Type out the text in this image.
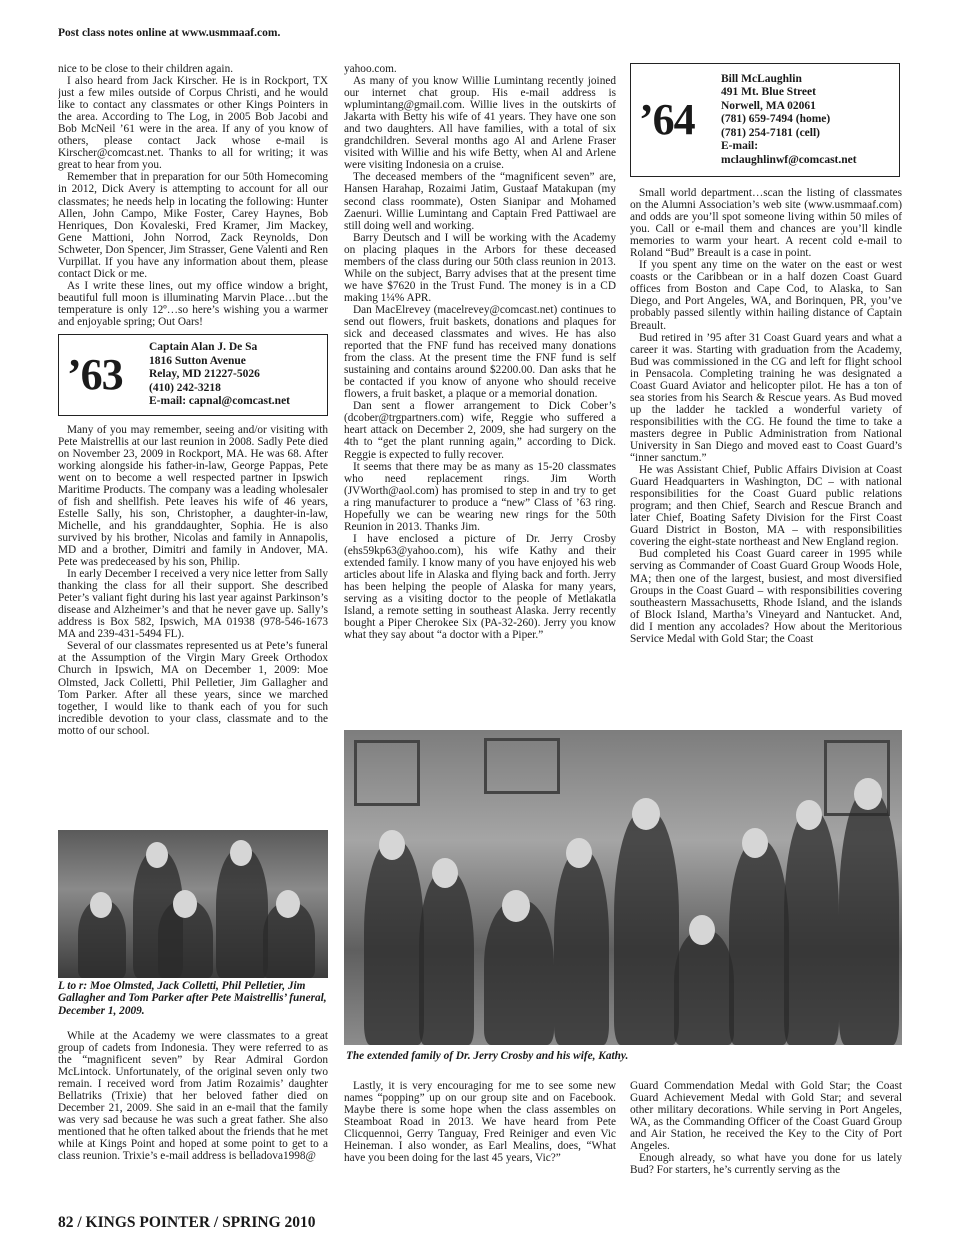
Post class notes online at www.usmmaaf.com.

nice to be close to their children again.

I also heard from Jack Kirscher. He is in Rockport, TX just a few miles outside of Corpus Christi, and he would like to contact any classmates or other Kings Pointers in the area. According to The Log, in 2005 Bob Jacobi and Bob McNeil ’61 were in the area. If any of you know of others, please contact Jack whose e-mail is Kirscher@comcast.net. Thanks to all for writing; it was great to hear from you.

Remember that in preparation for our 50th Homecoming in 2012, Dick Avery is attempting to account for all our classmates; he needs help in locating the following: Hunter Allen, John Campo, Mike Foster, Carey Haynes, Bob Henriques, Don Kovaleski, Fred Kramer, Jim Mackey, Gene Mattioni, John Norrod, Zack Reynolds, Don Schweter, Don Spencer, Jim Strasser, Gene Valenti and Ren Vurpillat. If you have any information about them, please contact Dick or me.

As I write these lines, out my office window a bright, beautiful full moon is illuminating Marvin Place…but the temperature is only 12º…so here’s wishing you a warmer and enjoyable spring; Out Oars!

’63
Captain Alan J. De Sa
1816 Sutton Avenue
Relay, MD 21227-5026
(410) 242-3218
E-mail: capnal@comcast.net

Many of you may remember, seeing and/or visiting with Pete Maistrellis at our last reunion in 2008. Sadly Pete died on November 23, 2009 in Rockport, MA. He was 68. After working alongside his father-in-law, George Pappas, Pete went on to become a well respected partner in Ipswich Maritime Products. The company was a leading wholesaler of fish and shellfish. Pete leaves his wife of 46 years, Estelle Sally, his son, Christopher, a daughter-in-law, Michelle, and his granddaughter, Sophia. He is also survived by his brother, Nicolas and family in Annapolis, MD and a brother, Dimitri and family in Andover, MA. Pete was predeceased by his son, Philip.

In early December I received a very nice letter from Sally thanking the class for all their support. She described Peter’s valiant fight during his last year against Parkinson’s disease and Alzheimer’s and that he never gave up. Sally’s address is Box 582, Ipswich, MA 01938 (978-546-1673 MA and 239-431-5494 FL).

Several of our classmates represented us at Pete’s funeral at the Assumption of the Virgin Mary Greek Orthodox Church in Ipswich, MA on December 1, 2009: Moe Olmsted, Jack Colletti, Phil Pelletier, Jim Gallagher and Tom Parker. After all these years, since we marched together, I would like to thank each of you for such incredible devotion to your class, classmate and to the motto of our school.

L to r: Moe Olmsted, Jack Colletti, Phil Pelletier, Jim Gallagher and Tom Parker after Pete Maistrellis’ funeral, December 1, 2009.

While at the Academy we were classmates to a great group of cadets from Indonesia. They were referred to as the “magnificent seven” by Rear Admiral Gordon McLintock. Unfortunately, of the original seven only two remain. I received word from Jatim Rozaimis’ daughter Bellatriks (Trixie) that her beloved father died on December 21, 2009. She said in an e-mail that the family was very sad because he was such a great father. She also mentioned that he often talked about the friends that he met while at Kings Point and hoped at some point to get to a class reunion. Trixie’s e-mail address is belladova1998@

yahoo.com.

As many of you know Willie Lumintang recently joined our internet chat group. His e-mail address is wplumintang@gmail.com. Willie lives in the outskirts of Jakarta with Betty his wife of 41 years. They have one son and two daughters. All have families, with a total of six grandchildren. Several months ago Al and Arlene Fraser visited with Willie and his wife Betty, when Al and Arlene were visiting Indonesia on a cruise.

The deceased members of the “magnificent seven” are, Hansen Harahap, Rozaimi Jatim, Gustaaf Matakupan (my second class roommate), Osten Sianipar and Mohamed Zaenuri. Willie Lumintang and Captain Fred Pattiwael are still doing well and working.

Barry Deutsch and I will be working with the Academy on placing plaques in the Arbors for these deceased members of the class during our 50th class reunion in 2013. While on the subject, Barry advises that at the present time we have $7620 in the Trust Fund. The money is in a CD making 1¼% APR.

Dan MacElrevey (macelrevey@comcast.net) continues to send out flowers, fruit baskets, donations and plaques for sick and deceased classmates and wives. He has also reported that the FNF fund has received many donations from the class. At the present time the FNF fund is self sustaining and contains around $2200.00. Dan asks that he be contacted if you know of anyone who should receive flowers, a fruit basket, a plaque or a memorial donation.

Dan sent a flower arrangement to Dick Cober’s (dcober@trgpartners.com) wife, Reggie who suffered a heart attack on December 2, 2009, she had surgery on the 4th to “get the plant running again,” according to Dick. Reggie is expected to fully recover.

It seems that there may be as many as 15-20 classmates who need replacement rings. Jim Worth (JVWorth@aol.com) has promised to step in and try to get a ring manufacturer to produce a “new” Class of ’63 ring. Hopefully we can be wearing new rings for the 50th Reunion in 2013. Thanks Jim.

I have enclosed a picture of Dr. Jerry Crosby (ehs59kp63@yahoo.com), his wife Kathy and their extended family. I know many of you have enjoyed his web articles about life in Alaska and flying back and forth. Jerry has been helping the people of Alaska for many years, serving as a visiting doctor to the people of Metlakatla Island, a remote setting in southeast Alaska. Jerry recently bought a Piper Cherokee Six (PA-32-260). Jerry you know what they say about “a doctor with a Piper.”

’64
Bill McLaughlin
491 Mt. Blue Street
Norwell, MA 02061
(781) 659-7494 (home)
(781) 254-7181 (cell)
E-mail:
mclaughlinwf@comcast.net

Small world department…scan the listing of classmates on the Alumni Association’s web site (www.usmmaaf.com) and odds are you’ll spot someone living within 50 miles of you. Call or e-mail them and chances are you’ll kindle memories to warm your heart. A recent cold e-mail to Roland “Bud” Breault is a case in point.

If you spent any time on the water on the east or west coasts or the Caribbean or in a half dozen Coast Guard offices from Boston and Cape Cod, to Alaska, to San Diego, and Port Angeles, WA, and Borinquen, PR, you’ve probably passed silently within hailing distance of Captain Breault.

Bud retired in ’95 after 31 Coast Guard years and what a career it was. Starting with graduation from the Academy, Bud was commissioned in the CG and left for flight school in Pensacola. Completing training he was designated a Coast Guard Aviator and helicopter pilot. He has a ton of sea stories from his Search & Rescue years. As Bud moved up the ladder he tackled a wonderful variety of responsibilities with the CG. He found the time to take a masters degree in Public Administration from National University in San Diego and moved east to Coast Guard’s “inner sanctum.”

He was Assistant Chief, Public Affairs Division at Coast Guard Headquarters in Washington, DC – with national responsibilities for the Coast Guard public relations program; and then Chief, Search and Rescue Branch and later Chief, Boating Safety Division for the First Coast Guard District in Boston, MA – with responsibilities covering the eight-state northeast and New England region.

Bud completed his Coast Guard career in 1995 while serving as Commander of Coast Guard Group Woods Hole, MA; then one of the largest, busiest, and most diversified Groups in the Coast Guard – with responsibilities covering southeastern Massachusetts, Rhode Island, and the islands of Block Island, Martha’s Vineyard and Nantucket. And, did I mention any accolades? How about the Meritorious Service Medal with Gold Star; the Coast

The extended family of Dr. Jerry Crosby and his wife, Kathy.

Lastly, it is very encouraging for me to see some new names “popping” up on our group site and on Facebook. Maybe there is some hope when the class assembles on Steamboat Road in 2013. We have heard from Pete Clicquennoi, Gerry Tanguay, Fred Reiniger and even Vic Heineman. I also wonder, as Earl Mealins, does, “What have you been doing for the last 45 years, Vic?”

Guard Commendation Medal with Gold Star; the Coast Guard Achievement Medal with Gold Star; and several other military decorations. While serving in Port Angeles, WA, as the Commanding Officer of the Coast Guard Group and Air Station, he received the Key to the City of Port Angeles.

Enough already, so what have you done for us lately Bud? For starters, he’s currently serving as the

82 / KINGS POINTER / SPRING 2010
